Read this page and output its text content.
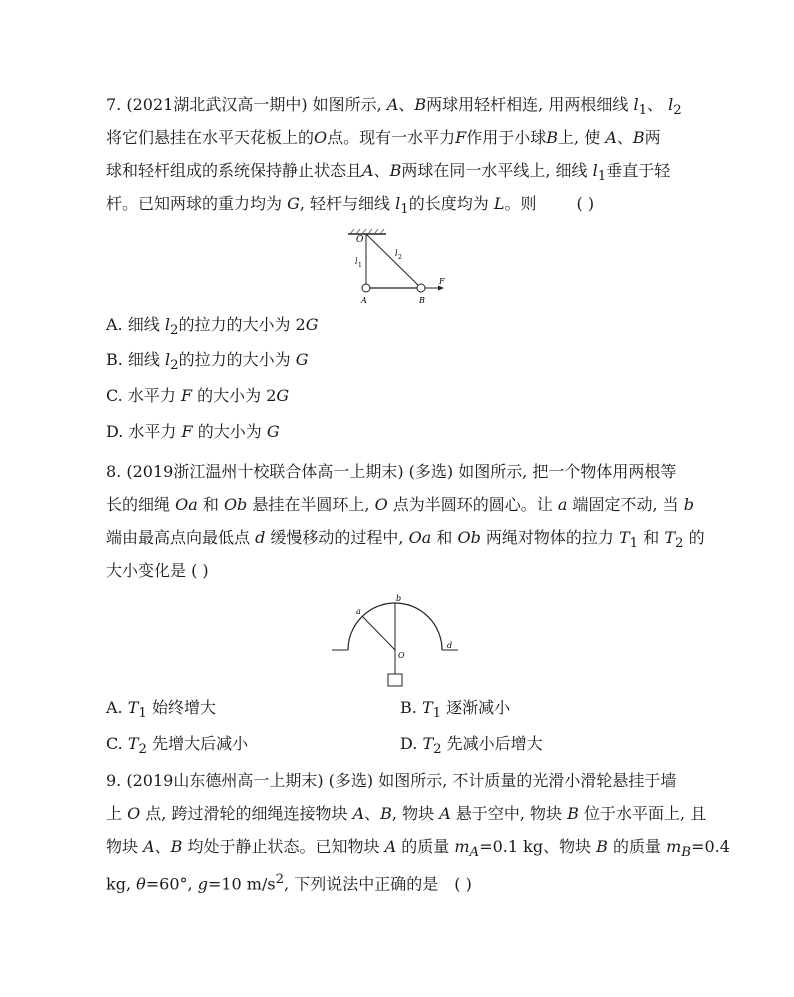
7. (2021湖北武汉高一期中) 如图所示, A、B两球用轻杆相连, 用两根细线 $l_1$、 $l_2$
将它们悬挂在水平天花板上的O点。现有一水平力F作用于小球B上, 使 A、B两
球和轻杆组成的系统保持静止状态且A、B两球在同一水平线上, 细线 $l_1$垂直于轻
杆。已知两球的重力均为 G, 轻杆与细线 $l_1$的长度均为 L。则	( )
O
l 1
l 2
A	B
F
A. 细线 $l_2$的拉力的大小为 2G
B. 细线 $l_2$的拉力的大小为 G
C. 水平力 F 的大小为 2G
D. 水平力 F 的大小为 G
8. (2019浙江温州十校联合体高一上期末) (多选) 如图所示, 把一个物体用两根等
长的细绳 Oa 和 Ob 悬挂在半圆环上, O 点为半圆环的圆心。让 a 端固定不动, 当 b
端由最高点向最低点 d 缓慢移动的过程中, Oa 和 Ob 两绳对物体的拉力 $T_1$ 和 $T_2$ 的
大小变化是 ( )
a
b
O
d
A. $T_1$ 始终增大	B. $T_1$ 逐渐减小
C. $T_2$ 先增大后减小	D. $T_2$ 先减小后增大
9. (2019山东德州高一上期末) (多选) 如图所示, 不计质量的光滑小滑轮悬挂于墙
上 O 点, 跨过滑轮的细绳连接物块 A、B, 物块 A 悬于空中, 物块 B 位于水平面上, 且
物块 A、B 均处于静止状态。已知物块 A 的质量 $m_A=0.1$ kg、物块 B 的质量 $m_B=0.4$
kg, θ=60°, g=10 $m/s^2$, 下列说法中正确的是 ( )
